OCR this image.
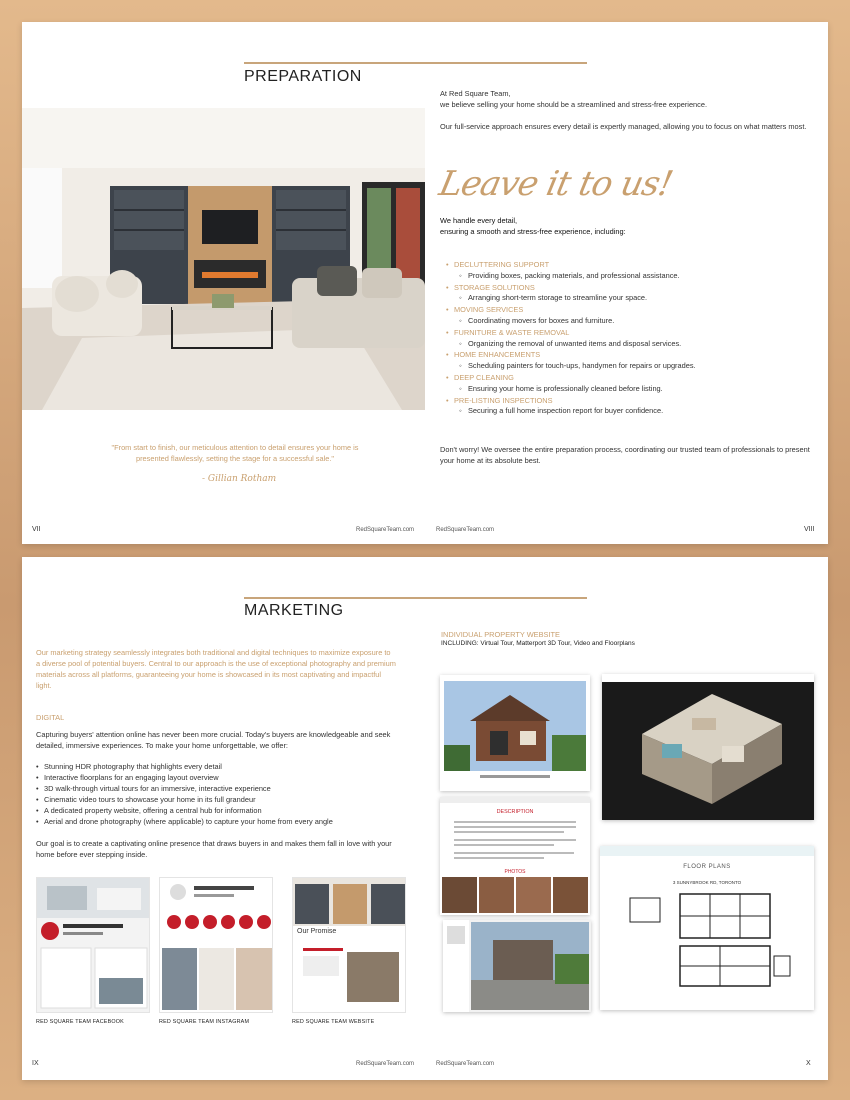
PREPARATION
"From start to finish, our meticulous attention to detail ensures your home is presented flawlessly, setting the stage for a successful sale."
- Gillian Rotham
At Red Square Team,
we believe selling your home should be a streamlined and stress-free experience.
Our full-service approach ensures every detail is expertly managed, allowing you to focus on what matters most.
Leave it to us!
We handle every detail,
ensuring a smooth and stress-free experience, including:
• DECLUTTERING SUPPORT
◦ Providing boxes, packing materials, and professional assistance.
• STORAGE SOLUTIONS
◦ Arranging short-term storage to streamline your space.
• MOVING SERVICES
◦ Coordinating movers for boxes and furniture.
• FURNITURE & WASTE REMOVAL
◦ Organizing the removal of unwanted items and disposal services.
• HOME ENHANCEMENTS
◦ Scheduling painters for touch-ups, handymen for repairs or upgrades.
• DEEP CLEANING
◦ Ensuring your home is professionally cleaned before listing.
• PRE-LISTING INSPECTIONS
◦ Securing a full home inspection report for buyer confidence.
Don't worry! We oversee the entire preparation process, coordinating our trusted team of professionals to present your home at its absolute best.
VII	RedSquareTeam.com	RedSquareTeam.com	VIII
MARKETING
Our marketing strategy seamlessly integrates both traditional and digital techniques to maximize exposure to a diverse pool of potential buyers. Central to our approach is the use of exceptional photography and premium materials across all platforms, guaranteeing your home is showcased in its most captivating and impactful light.
DIGITAL
Capturing buyers' attention online has never been more crucial. Today's buyers are knowledgeable and seek detailed, immersive experiences. To make your home unforgettable, we offer:
• Stunning HDR photography that highlights every detail
• Interactive floorplans for an engaging layout overview
• 3D walk-through virtual tours for an immersive, interactive experience
• Cinematic video tours to showcase your home in its full grandeur
• A dedicated property website, offering a central hub for information
• Aerial and drone photography (where applicable) to capture your home from every angle
Our goal is to create a captivating online presence that draws buyers in and makes them fall in love with your home before ever stepping inside.
RED SQUARE TEAM FACEBOOK	RED SQUARE TEAM INSTAGRAM
Our Promise
RED SQUARE TEAM WEBSITE
INDIVIDUAL PROPERTY WEBSITE
INCLUDING: Virtual Tour, Matterport 3D Tour, Video and Floorplans
DESCRIPTION
PHOTOS
FLOOR PLANS
3 SUNNYBROOK RD, TORONTO
IX	RedSquareTeam.com	RedSquareTeam.com	X
